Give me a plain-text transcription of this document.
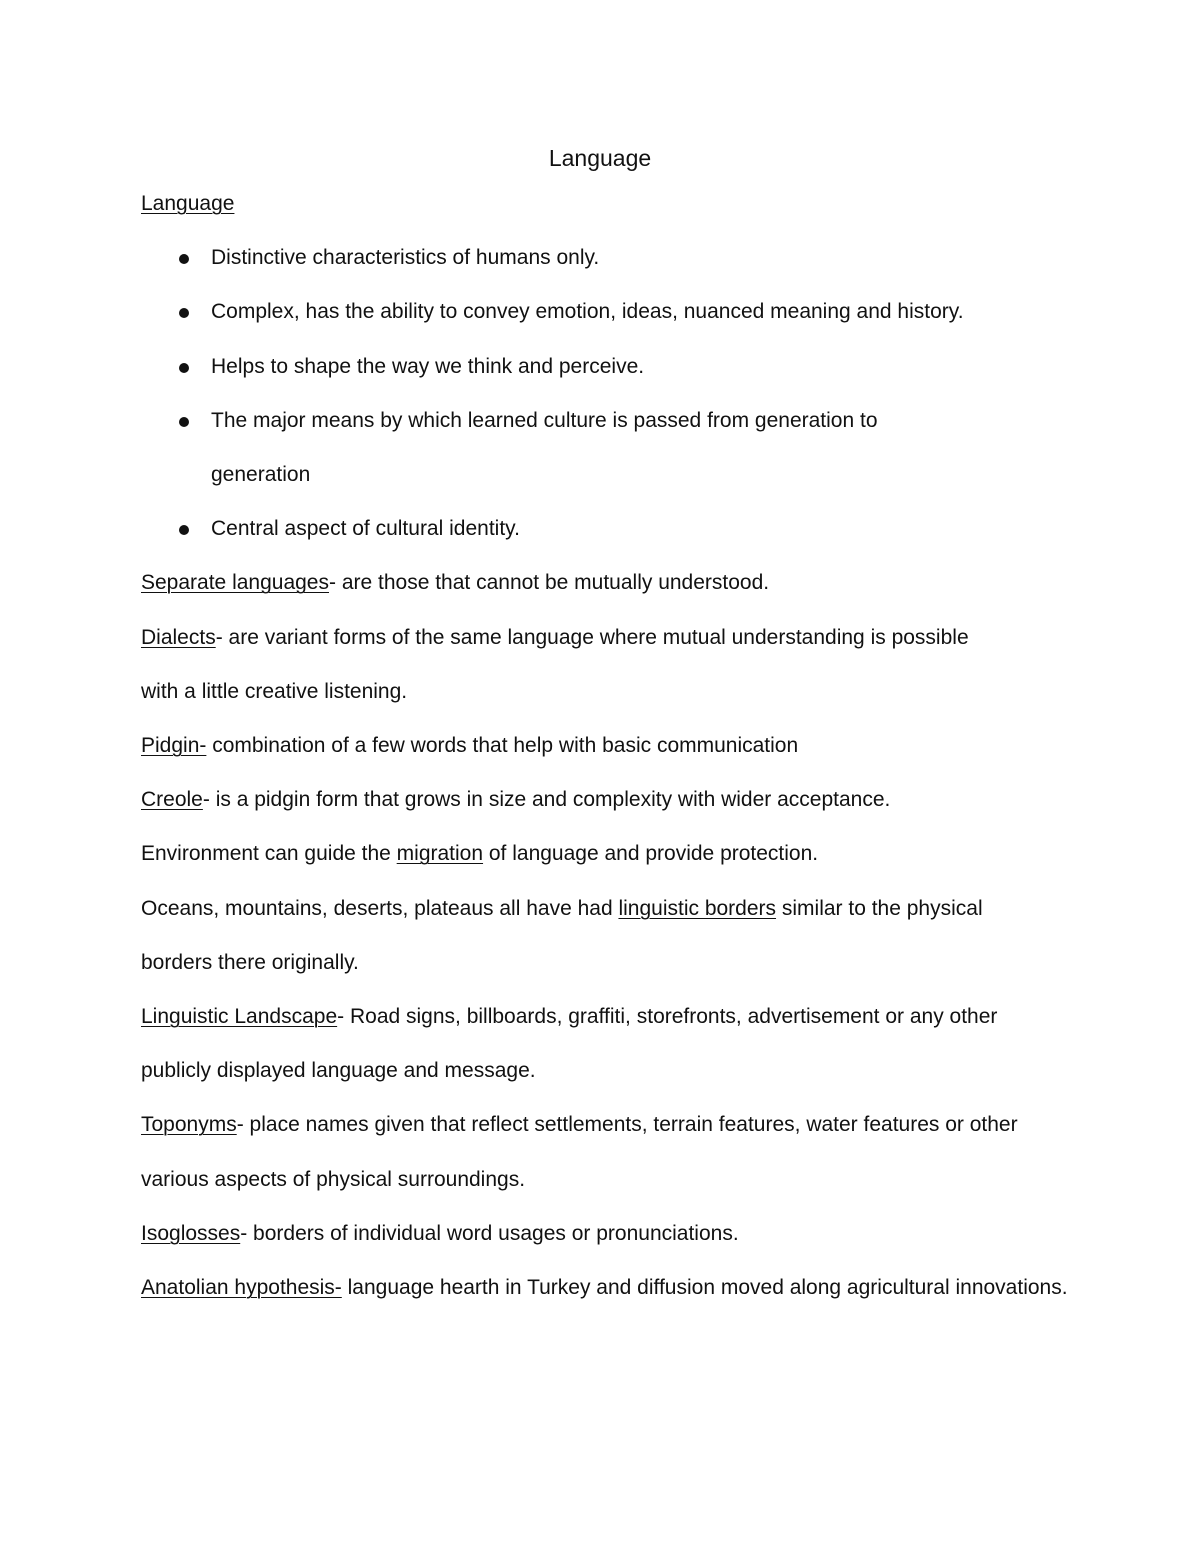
Language
Language
Distinctive characteristics of humans only.
Complex, has the ability to convey emotion, ideas, nuanced meaning and history.
Helps to shape the way we think and perceive.
The major means by which learned culture is passed from generation to generation
Central aspect of cultural identity.

Separate languages- are those that cannot be mutually understood.

Dialects- are variant forms of the same language where mutual understanding is possible with a little creative listening.

Pidgin- combination of a few words that help with basic communication

Creole- is a pidgin form that grows in size and complexity with wider acceptance.

Environment can guide the migration of language and provide protection.

Oceans, mountains, deserts, plateaus all have had linguistic borders similar to the physical borders there originally.

Linguistic Landscape- Road signs, billboards, graffiti, storefronts, advertisement or any other publicly displayed language and message.

Toponyms- place names given that reflect settlements, terrain features, water features or other various aspects of physical surroundings.

Isoglosses- borders of individual word usages or pronunciations.

Anatolian hypothesis- language hearth in Turkey and diffusion moved along agricultural innovations.
